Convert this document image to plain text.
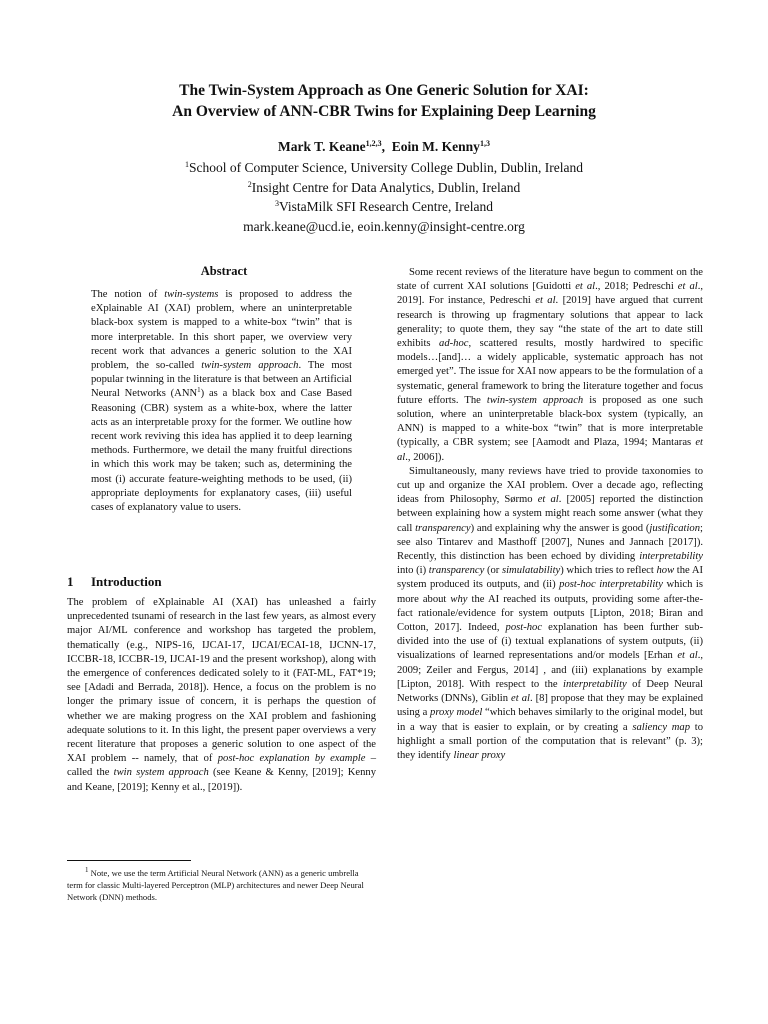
The Twin-System Approach as One Generic Solution for XAI:
An Overview of ANN-CBR Twins for Explaining Deep Learning
Mark T. Keane$^{1,2,3}$,  Eoin M. Kenny$^{1,3}$
$^1$School of Computer Science, University College Dublin, Dublin, Ireland
$^2$Insight Centre for Data Analytics, Dublin, Ireland
$^3$VistaMilk SFI Research Centre, Ireland
mark.keane@ucd.ie, eoin.kenny@insight-centre.org
Abstract

The notion of twin-systems is proposed to address the eXplainable AI (XAI) problem, where an uninterpretable black-box system is mapped to a white-box “twin” that is more interpretable. In this short paper, we overview very recent work that advances a generic solution to the XAI problem, the so-called twin-system approach. The most popular twinning in the literature is that between an Artificial Neural Networks (ANN$^1$) as a black box and Case Based Reasoning (CBR) system as a white-box, where the latter acts as an interpretable proxy for the former. We outline how recent work reviving this idea has applied it to deep learning methods. Furthermore, we detail the many fruitful directions in which this work may be taken; such as, determining the most (i) accurate feature-weighting methods to be used, (ii) appropriate deployments for explanatory cases, (iii) useful cases of explanatory value to users.

1 Introduction

The problem of eXplainable AI (XAI) has unleashed a fairly unprecedented tsunami of research in the last few years, as almost every major AI/ML conference and workshop has targeted the problem, thematically (e.g., NIPS-16, IJCAI-17, IJCAI/ECAI-18, IJCNN-17, ICCBR-18, ICCBR-19, IJCAI-19 and the present workshop), along with the emergence of conferences dedicated solely to it (FAT-ML, FAT*19; see [Adadi and Berrada, 2018]). Hence, a focus on the problem is no longer the primary issue of concern, it is perhaps the question of whether we are making progress on the XAI problem and fashioning adequate solutions to it. In this light, the present paper overviews a very recent literature that proposes a generic solution to one aspect of the XAI problem -- namely, that of post-hoc explanation by example – called the twin system approach (see Keane & Kenny, [2019]; Kenny and Keane, [2019]; Kenny et al., [2019]).

Some recent reviews of the literature have begun to comment on the state of current XAI solutions [Guidotti et al., 2018; Pedreschi et al., 2019]. For instance, Pedreschi et al. [2019] have argued that current research is throwing up fragmentary solutions that appear to lack generality; to quote them, they say “the state of the art to date still exhibits ad-hoc, scattered results, mostly hardwired to specific models…[and]… a widely applicable, systematic approach has not emerged yet”. The issue for XAI now appears to be the formulation of a systematic, general framework to bring the literature together and focus future efforts. The twin-system approach is proposed as one such solution, where an uninterpretable black-box system (typically, an ANN) is mapped to a white-box “twin” that is more interpretable (typically, a CBR system; see [Aamodt and Plaza, 1994; Mantaras et al., 2006]).

Simultaneously, many reviews have tried to provide taxonomies to cut up and organize the XAI problem. Over a decade ago, reflecting ideas from Philosophy, Sørmo et al. [2005] reported the distinction between explaining how a system might reach some answer (what they call transparency) and explaining why the answer is good (justification; see also Tintarev and Masthoff [2007], Nunes and Jannach [2017]). Recently, this distinction has been echoed by dividing interpretability into (i) transparency (or simulatability) which tries to reflect how the AI system produced its outputs, and (ii) post-hoc interpretability which is more about why the AI reached its outputs, providing some after-the-fact rationale/evidence for system outputs [Lipton, 2018; Biran and Cotton, 2017]. Indeed, post-hoc explanation has been further sub-divided into the use of (i) textual explanations of system outputs, (ii) visualizations of learned representations and/or models [Erhan et al., 2009; Zeiler and Fergus, 2014] , and (iii) explanations by example [Lipton, 2018]. With respect to the interpretability of Deep Neural Networks (DNNs), Giblin et al. [8] propose that they may be explained using a proxy model “which behaves similarly to the original model, but in a way that is easier to explain, or by creating a saliency map to highlight a small portion of the computation that is relevant” (p. 3); they identify linear proxy

$^1$ Note, we use the term Artificial Neural Network (ANN) as a generic umbrella term for classic Multi-layered Perceptron (MLP) architectures and newer Deep Neural Network (DNN) methods.
